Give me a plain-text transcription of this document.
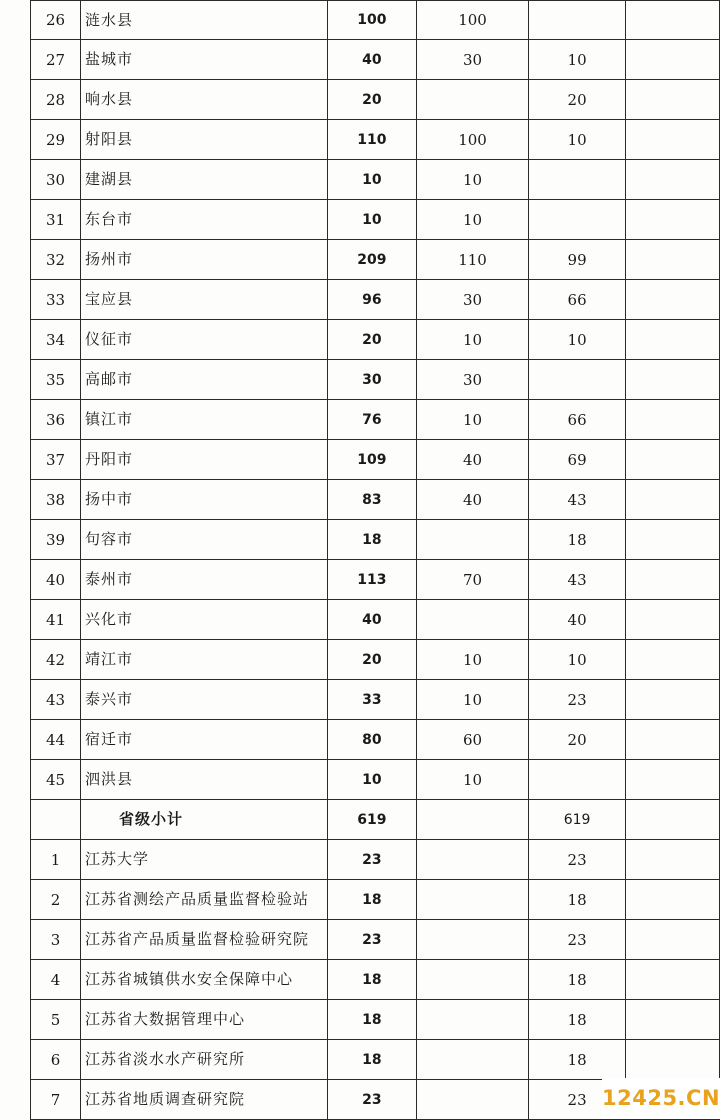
26	涟水县	100	100		
27	盐城市	40	30	10	
28	响水县	20		20	
29	射阳县	110	100	10	
30	建湖县	10	10		
31	东台市	10	10		
32	扬州市	209	110	99	
33	宝应县	96	30	66	
34	仪征市	20	10	10	
35	高邮市	30	30		
36	镇江市	76	10	66	
37	丹阳市	109	40	69	
38	扬中市	83	40	43	
39	句容市	18		18	
40	泰州市	113	70	43	
41	兴化市	40		40	
42	靖江市	20	10	10	
43	泰兴市	33	10	23	
44	宿迁市	80	60	20	
45	泗洪县	10	10		
	省级小计	619		619	
1	江苏大学	23		23	
2	江苏省测绘产品质量监督检验站	18		18	
3	江苏省产品质量监督检验研究院	23		23	
4	江苏省城镇供水安全保障中心	18		18	
5	江苏省大数据管理中心	18		18	
6	江苏省淡水水产研究所	18		18	
7	江苏省地质调查研究院	23		23	12425.CN
